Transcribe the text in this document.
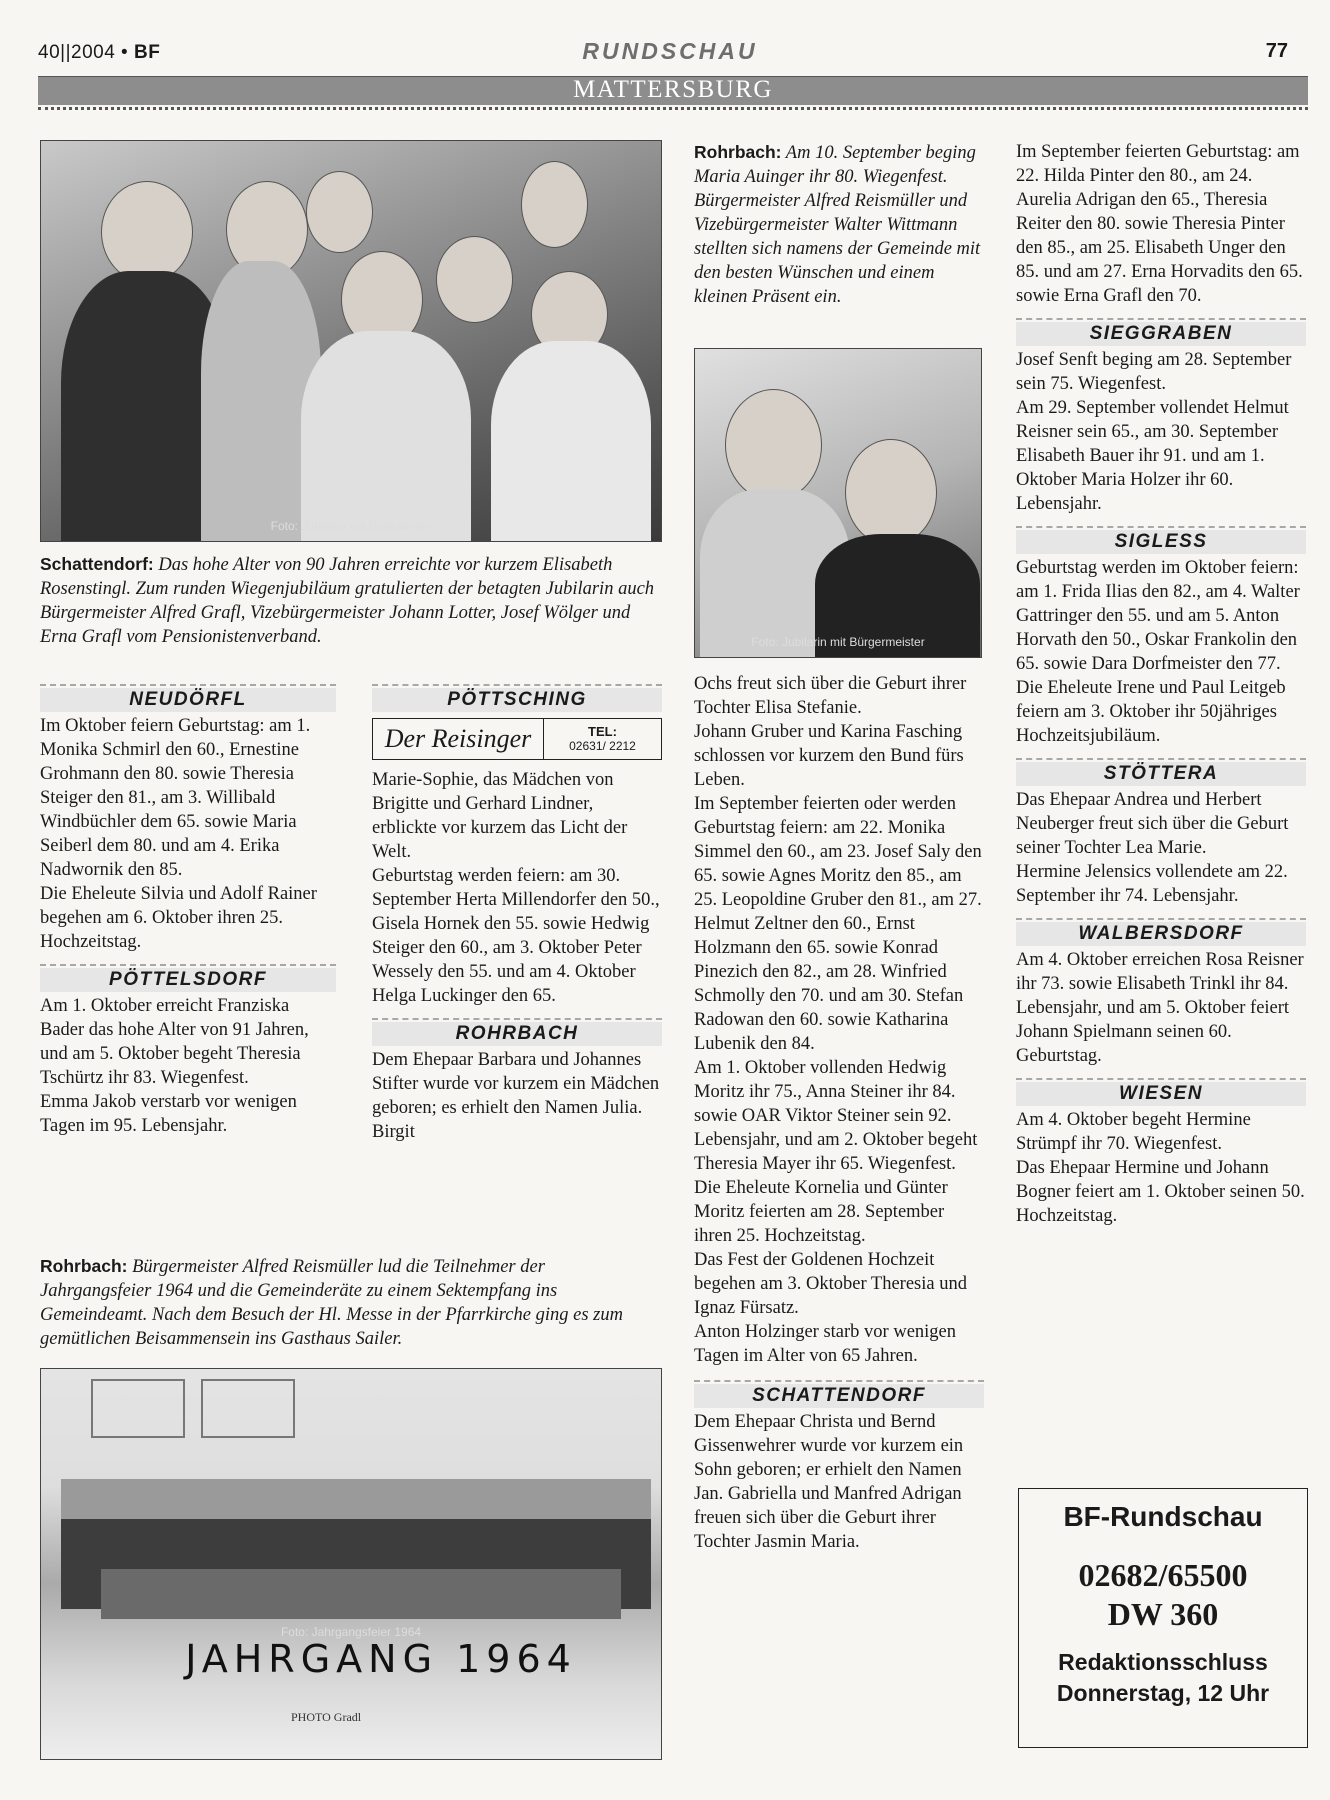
40||2004 • BF	RUNDSCHAU	77
MATTERSBURG
Foto: Jubilarin mit Gratulanten
Schattendorf: Das hohe Alter von 90 Jahren erreichte vor kurzem Elisabeth Rosenstingl. Zum runden Wiegenjubiläum gratulierten der betagten Jubilarin auch Bürgermeister Alfred Grafl, Vizebürgermeister Johann Lotter, Josef Wölger und Erna Grafl vom Pensionistenverband.
NEUDÖRFL

Im Oktober feiern Geburtstag: am 1. Monika Schmirl den 60., Ernestine Grohmann den 80. sowie Theresia Steiger den 81., am 3. Willibald Windbüchler dem 65. sowie Maria Seiberl dem 80. und am 4. Erika Nadwornik den 85.

Die Eheleute Silvia und Adolf Rainer begehen am 6. Oktober ihren 25. Hochzeitstag.

PÖTTELSDORF

Am 1. Oktober erreicht Franziska Bader das hohe Alter von 91 Jahren, und am 5. Oktober begeht Theresia Tschürtz ihr 83. Wiegenfest.

Emma Jakob verstarb vor wenigen Tagen im 95. Lebensjahr.

PÖTTSCHING
Der Reisinger	TEL:
02631/ 2212

Marie-Sophie, das Mädchen von Brigitte und Gerhard Lindner, erblickte vor kurzem das Licht der Welt.

Geburtstag werden feiern: am 30. September Herta Millendorfer den 50., Gisela Hornek den 55. sowie Hedwig Steiger den 60., am 3. Oktober Peter Wessely den 55. und am 4. Oktober Helga Luckinger den 65.

ROHRBACH

Dem Ehepaar Barbara und Johannes Stifter wurde vor kurzem ein Mädchen geboren; es erhielt den Namen Julia. Birgit

Rohrbach: Bürgermeister Alfred Reismüller lud die Teilnehmer der Jahrgangsfeier 1964 und die Gemeinderäte zu einem Sektempfang ins Gemeindeamt. Nach dem Besuch der Hl. Messe in der Pfarrkirche ging es zum gemütlichen Beisammensein ins Gasthaus Sailer.
Foto: Jahrgangsfeier 1964
JAHRGANG 1964
PHOTO Gradl
Rohrbach: Am 10. September beging Maria Auinger ihr 80. Wiegenfest. Bürgermeister Alfred Reismüller und Vizebürgermeister Walter Wittmann stellten sich namens der Gemeinde mit den besten Wünschen und einem kleinen Präsent ein.
Foto: Jubilarin mit Bürgermeister

Ochs freut sich über die Geburt ihrer Tochter Elisa Stefanie.

Johann Gruber und Karina Fasching schlossen vor kurzem den Bund fürs Leben.

Im September feierten oder werden Geburtstag feiern: am 22. Monika Simmel den 60., am 23. Josef Saly den 65. sowie Agnes Moritz den 85., am 25. Leopoldine Gruber den 81., am 27. Helmut Zeltner den 60., Ernst Holzmann den 65. sowie Konrad Pinezich den 82., am 28. Winfried Schmolly den 70. und am 30. Stefan Radowan den 60. sowie Katharina Lubenik den 84.

Am 1. Oktober vollenden Hedwig Moritz ihr 75., Anna Steiner ihr 84. sowie OAR Viktor Steiner sein 92. Lebensjahr, und am 2. Oktober begeht Theresia Mayer ihr 65. Wiegenfest.

Die Eheleute Kornelia und Günter Moritz feierten am 28. September ihren 25. Hochzeitstag.

Das Fest der Goldenen Hochzeit begehen am 3. Oktober Theresia und Ignaz Fürsatz.

Anton Holzinger starb vor wenigen Tagen im Alter von 65 Jahren.

SCHATTENDORF

Dem Ehepaar Christa und Bernd Gissenwehrer wurde vor kurzem ein Sohn geboren; er erhielt den Namen Jan. Gabriella und Manfred Adrigan freuen sich über die Geburt ihrer Tochter Jasmin Maria.

Im September feierten Geburtstag: am 22. Hilda Pinter den 80., am 24. Aurelia Adrigan den 65., Theresia Reiter den 80. sowie Theresia Pinter den 85., am 25. Elisabeth Unger den 85. und am 27. Erna Horvadits den 65. sowie Erna Grafl den 70.

SIEGGRABEN

Josef Senft beging am 28. September sein 75. Wiegenfest.

Am 29. September vollendet Helmut Reisner sein 65., am 30. September Elisabeth Bauer ihr 91. und am 1. Oktober Maria Holzer ihr 60. Lebensjahr.

SIGLESS

Geburtstag werden im Oktober feiern: am 1. Frida Ilias den 82., am 4. Walter Gattringer den 55. und am 5. Anton Horvath den 50., Oskar Frankolin den 65. sowie Dara Dorfmeister den 77.

Die Eheleute Irene und Paul Leitgeb feiern am 3. Oktober ihr 50jähriges Hochzeitsjubiläum.

STÖTTERA

Das Ehepaar Andrea und Herbert Neuberger freut sich über die Geburt seiner Tochter Lea Marie.

Hermine Jelensics vollendete am 22. September ihr 74. Lebensjahr.

WALBERSDORF

Am 4. Oktober erreichen Rosa Reisner ihr 73. sowie Elisabeth Trinkl ihr 84. Lebensjahr, und am 5. Oktober feiert Johann Spielmann seinen 60. Geburtstag.

WIESEN

Am 4. Oktober begeht Hermine Strümpf ihr 70. Wiegenfest.

Das Ehepaar Hermine und Johann Bogner feiert am 1. Oktober seinen 50. Hochzeitstag.

BF-Rundschau
02682/65500
DW 360
Redaktionsschluss
Donnerstag, 12 Uhr
